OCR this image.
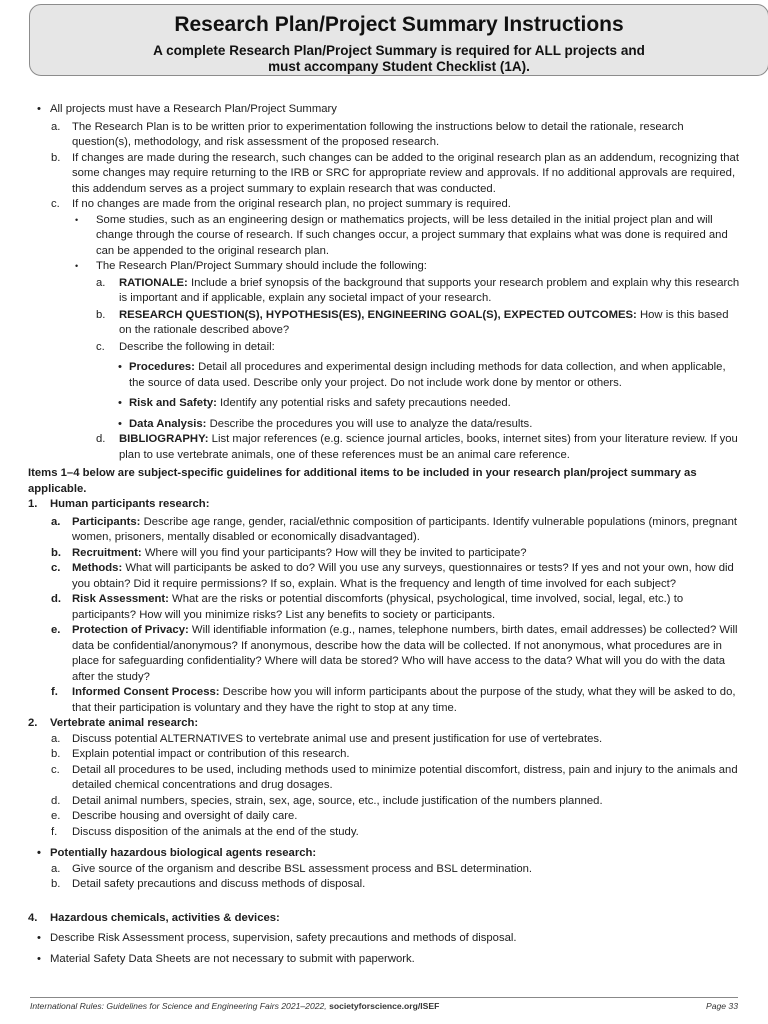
Research Plan/Project Summary Instructions
A complete Research Plan/Project Summary is required for ALL projects and
must accompany Student Checklist (1A).
• All projects must have a Research Plan/Project Summary
a. The Research Plan is to be written prior to experimentation following the instructions below to detail the rationale, research question(s), methodology, and risk assessment of the proposed research.
b. If changes are made during the research, such changes can be added to the original research plan as an addendum, recognizing that some changes may require returning to the IRB or SRC for appropriate review and approvals. If no additional approvals are required, this addendum serves as a project summary to explain research that was conducted.
c. If no changes are made from the original research plan, no project summary is required.
• Some studies, such as an engineering design or mathematics projects, will be less detailed in the initial project plan and will change through the course of research. If such changes occur, a project summary that explains what was done is required and can be appended to the original research plan.
• The Research Plan/Project Summary should include the following:
a. RATIONALE: Include a brief synopsis of the background that supports your research problem and explain why this research is important and if applicable, explain any societal impact of your research.
b. RESEARCH QUESTION(S), HYPOTHESIS(ES), ENGINEERING GOAL(S), EXPECTED OUTCOMES: How is this based on the rationale described above?
c. Describe the following in detail:
• Procedures: Detail all procedures and experimental design including methods for data collection, and when applicable, the source of data used. Describe only your project. Do not include work done by mentor or others.
• Risk and Safety: Identify any potential risks and safety precautions needed.
• Data Analysis: Describe the procedures you will use to analyze the data/results.
d. BIBLIOGRAPHY: List major references (e.g. science journal articles, books, internet sites) from your literature review. If you plan to use vertebrate animals, one of these references must be an animal care reference.
Items 1–4 below are subject-specific guidelines for additional items to be included in your research plan/project summary as applicable.
1. Human participants research:
a. Participants: Describe age range, gender, racial/ethnic composition of participants. Identify vulnerable populations (minors, pregnant women, prisoners, mentally disabled or economically disadvantaged).
b. Recruitment: Where will you find your participants? How will they be invited to participate?
c. Methods: What will participants be asked to do? Will you use any surveys, questionnaires or tests? If yes and not your own, how did you obtain? Did it require permissions? If so, explain. What is the frequency and length of time involved for each subject?
d. Risk Assessment: What are the risks or potential discomforts (physical, psychological, time involved, social, legal, etc.) to participants? How will you minimize risks? List any benefits to society or participants.
e. Protection of Privacy: Will identifiable information (e.g., names, telephone numbers, birth dates, email addresses) be collected? Will data be confidential/anonymous? If anonymous, describe how the data will be collected. If not anonymous, what procedures are in place for safeguarding confidentiality? Where will data be stored? Who will have access to the data? What will you do with the data after the study?
f. Informed Consent Process: Describe how you will inform participants about the purpose of the study, what they will be asked to do, that their participation is voluntary and they have the right to stop at any time.
2. Vertebrate animal research:
a. Discuss potential ALTERNATIVES to vertebrate animal use and present justification for use of vertebrates.
b. Explain potential impact or contribution of this research.
c. Detail all procedures to be used, including methods used to minimize potential discomfort, distress, pain and injury to the animals and detailed chemical concentrations and drug dosages.
d. Detail animal numbers, species, strain, sex, age, source, etc., include justification of the numbers planned.
e. Describe housing and oversight of daily care.
f. Discuss disposition of the animals at the end of the study.
• Potentially hazardous biological agents research:
a. Give source of the organism and describe BSL assessment process and BSL determination.
b. Detail safety precautions and discuss methods of disposal.
4. Hazardous chemicals, activities & devices:
• Describe Risk Assessment process, supervision, safety precautions and methods of disposal.
• Material Safety Data Sheets are not necessary to submit with paperwork.
International Rules: Guidelines for Science and Engineering Fairs 2021–2022, societyforscience.org/ISEF	Page 33
